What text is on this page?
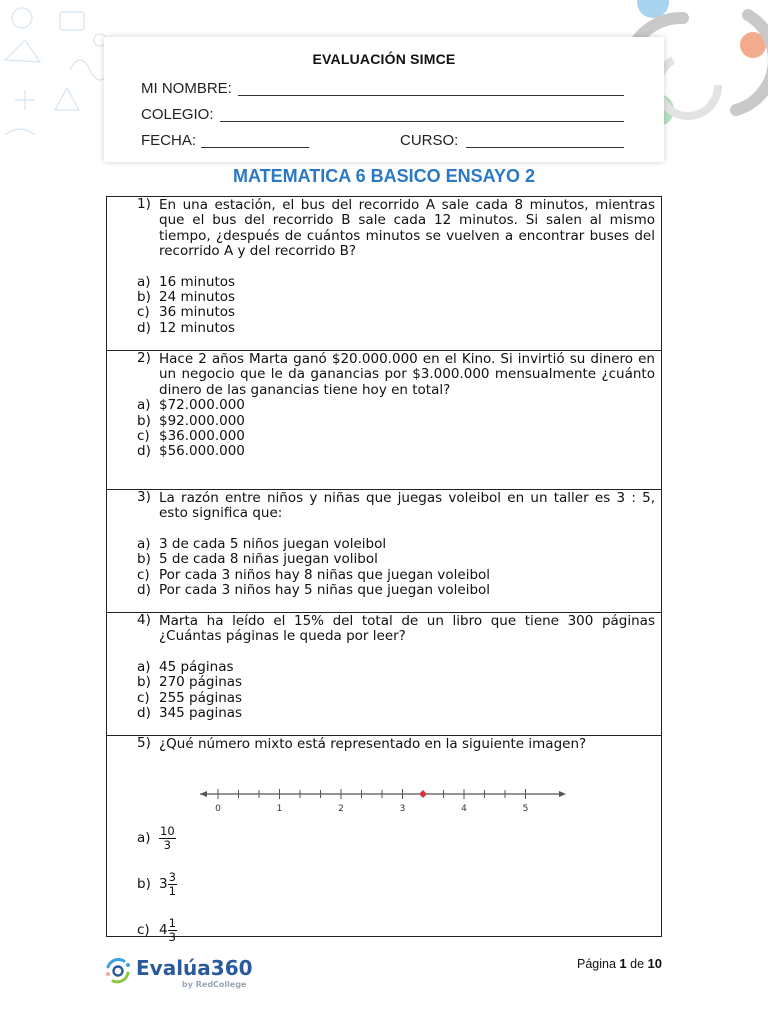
EVALUACIÓN SIMCE
MI NOMBRE:
COLEGIO:
FECHA:	CURSO:
MATEMATICA 6 BASICO ENSAYO 2
1) En una estación, el bus del recorrido A sale cada 8 minutos, mientras que el bus del recorrido B sale cada 12 minutos. Si salen al mismo tiempo, ¿después de cuántos minutos se vuelven a encontrar buses del recorrido A y del recorrido B?
a) 16 minutos
b) 24 minutos
c) 36 minutos
d) 12 minutos
2) Hace 2 años Marta ganó $20.000.000 en el Kino. Si invirtió su dinero en un negocio que le da ganancias por $3.000.000 mensualmente ¿cuánto dinero de las ganancias tiene hoy en total?
a) $72.000.000
b) $92.000.000
c) $36.000.000
d) $56.000.000
3) La razón entre niños y niñas que juegas voleibol en un taller es 3 : 5, esto significa que:
a) 3 de cada 5 niños juegan voleibol
b) 5 de cada 8 niñas juegan volibol
c) Por cada 3 niños hay 8 niñas que juegan voleibol
d) Por cada 3 niños hay 5 niñas que juegan voleibol
4) Marta ha leído el 15% del total de un libro que tiene 300 páginas ¿Cuántas páginas le queda por leer?
a) 45 páginas
b) 270 páginas
c) 255 páginas
d) 345 paginas
5) ¿Qué número mixto está representado en la siguiente imagen?
$a) \frac{10}{3}$
b) $3 \frac{3}{1}$
c) $4 \frac{1}{3}$
0	1	2	3	4	5
Evalúa360
by RedCollege
Página 1 de 10
